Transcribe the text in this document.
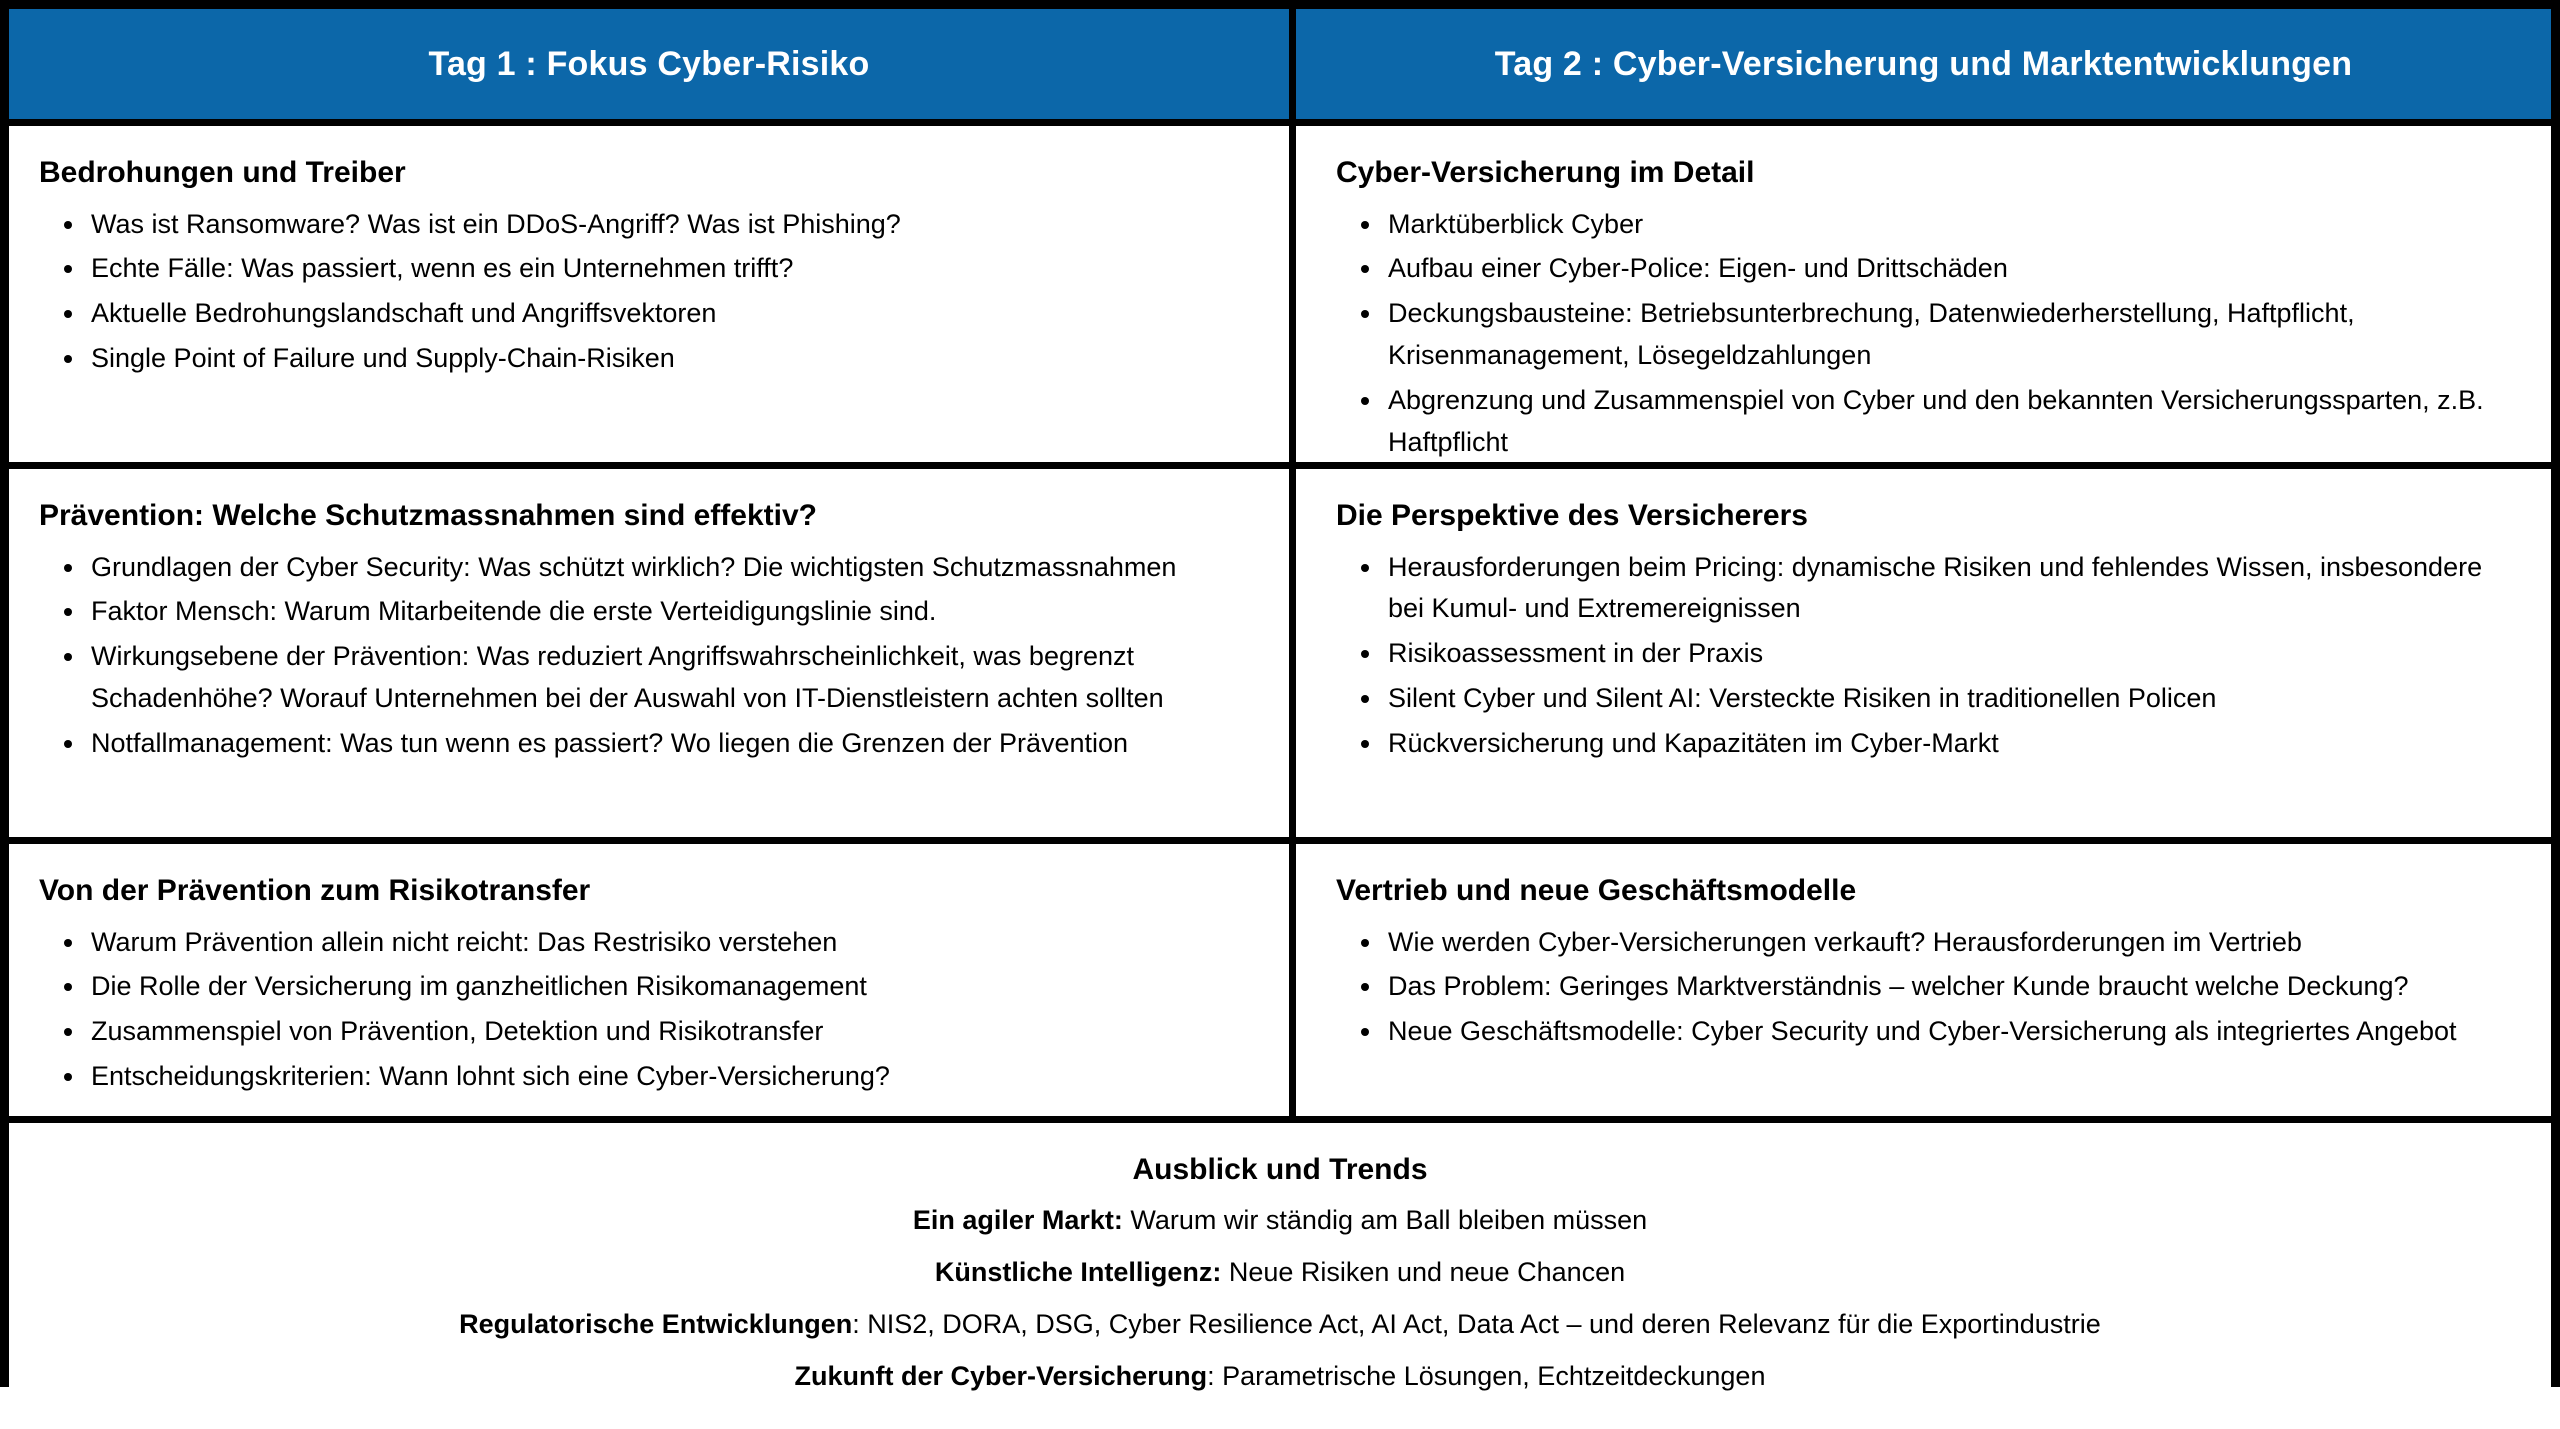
Tag 1 : Fokus Cyber-Risiko	Tag 2 : Cyber-Versicherung und Marktentwicklungen
Bedrohungen und Treiber
• Was ist Ransomware? Was ist ein DDoS-Angriff? Was ist Phishing?
• Echte Fälle: Was passiert, wenn es ein Unternehmen trifft?
• Aktuelle Bedrohungslandschaft und Angriffsvektoren
• Single Point of Failure und Supply-Chain-Risiken
Cyber-Versicherung im Detail
• Marktüberblick Cyber
• Aufbau einer Cyber-Police: Eigen- und Drittschäden
• Deckungsbausteine: Betriebsunterbrechung, Datenwiederherstellung, Haftpflicht, Krisenmanagement, Lösegeldzahlungen
• Abgrenzung und Zusammenspiel von Cyber und den bekannten Versicherungssparten, z.B. Haftpflicht
Prävention: Welche Schutzmassnahmen sind effektiv?
• Grundlagen der Cyber Security: Was schützt wirklich? Die wichtigsten Schutzmassnahmen
• Faktor Mensch: Warum Mitarbeitende die erste Verteidigungslinie sind.
• Wirkungsebene der Prävention: Was reduziert Angriffswahrscheinlichkeit, was begrenzt Schadenhöhe? Worauf Unternehmen bei der Auswahl von IT-Dienstleistern achten sollten
• Notfallmanagement: Was tun wenn es passiert? Wo liegen die Grenzen der Prävention
Die Perspektive des Versicherers
• Herausforderungen beim Pricing: dynamische Risiken und fehlendes Wissen, insbesondere bei Kumul- und Extremereignissen
• Risikoassessment in der Praxis
• Silent Cyber und Silent AI: Versteckte Risiken in traditionellen Policen
• Rückversicherung und Kapazitäten im Cyber-Markt
Von der Prävention zum Risikotransfer
• Warum Prävention allein nicht reicht: Das Restrisiko verstehen
• Die Rolle der Versicherung im ganzheitlichen Risikomanagement
• Zusammenspiel von Prävention, Detektion und Risikotransfer
• Entscheidungskriterien: Wann lohnt sich eine Cyber-Versicherung?
Vertrieb und neue Geschäftsmodelle
• Wie werden Cyber-Versicherungen verkauft? Herausforderungen im Vertrieb
• Das Problem: Geringes Marktverständnis – welcher Kunde braucht welche Deckung?
• Neue Geschäftsmodelle: Cyber Security und Cyber-Versicherung als integriertes Angebot
Ausblick und Trends
Ein agiler Markt: Warum wir ständig am Ball bleiben müssen
Künstliche Intelligenz: Neue Risiken und neue Chancen
Regulatorische Entwicklungen: NIS2, DORA, DSG, Cyber Resilience Act, AI Act, Data Act – und deren Relevanz für die Exportindustrie
Zukunft der Cyber-Versicherung: Parametrische Lösungen, Echtzeitdeckungen
